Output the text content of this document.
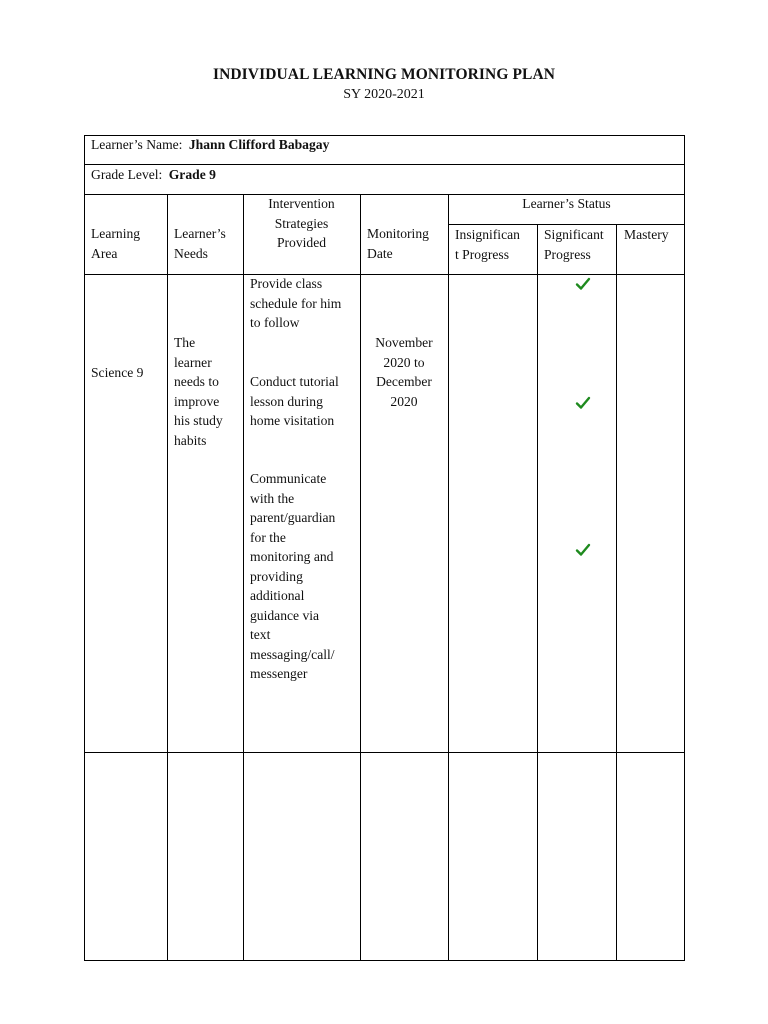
INDIVIDUAL LEARNING MONITORING PLAN
SY 2020-2021
Learner’s Name: Jhann Clifford Babagay
Grade Level: Grade 9
Learning
Area
Learner’s
Needs
Intervention
Strategies
Provided
Monitoring
Date
Learner’s Status
Insignifican
t Progress
Significant
Progress
Mastery
Science 9
The
learner
needs to
improve
his study
habits
Provide class
schedule for him
to follow
Conduct tutorial
lesson during
home visitation
Communicate
with the
parent/guardian
for the
monitoring and
providing
additional
guidance via
text
messaging/call/
messenger
November
2020 to
December
2020
